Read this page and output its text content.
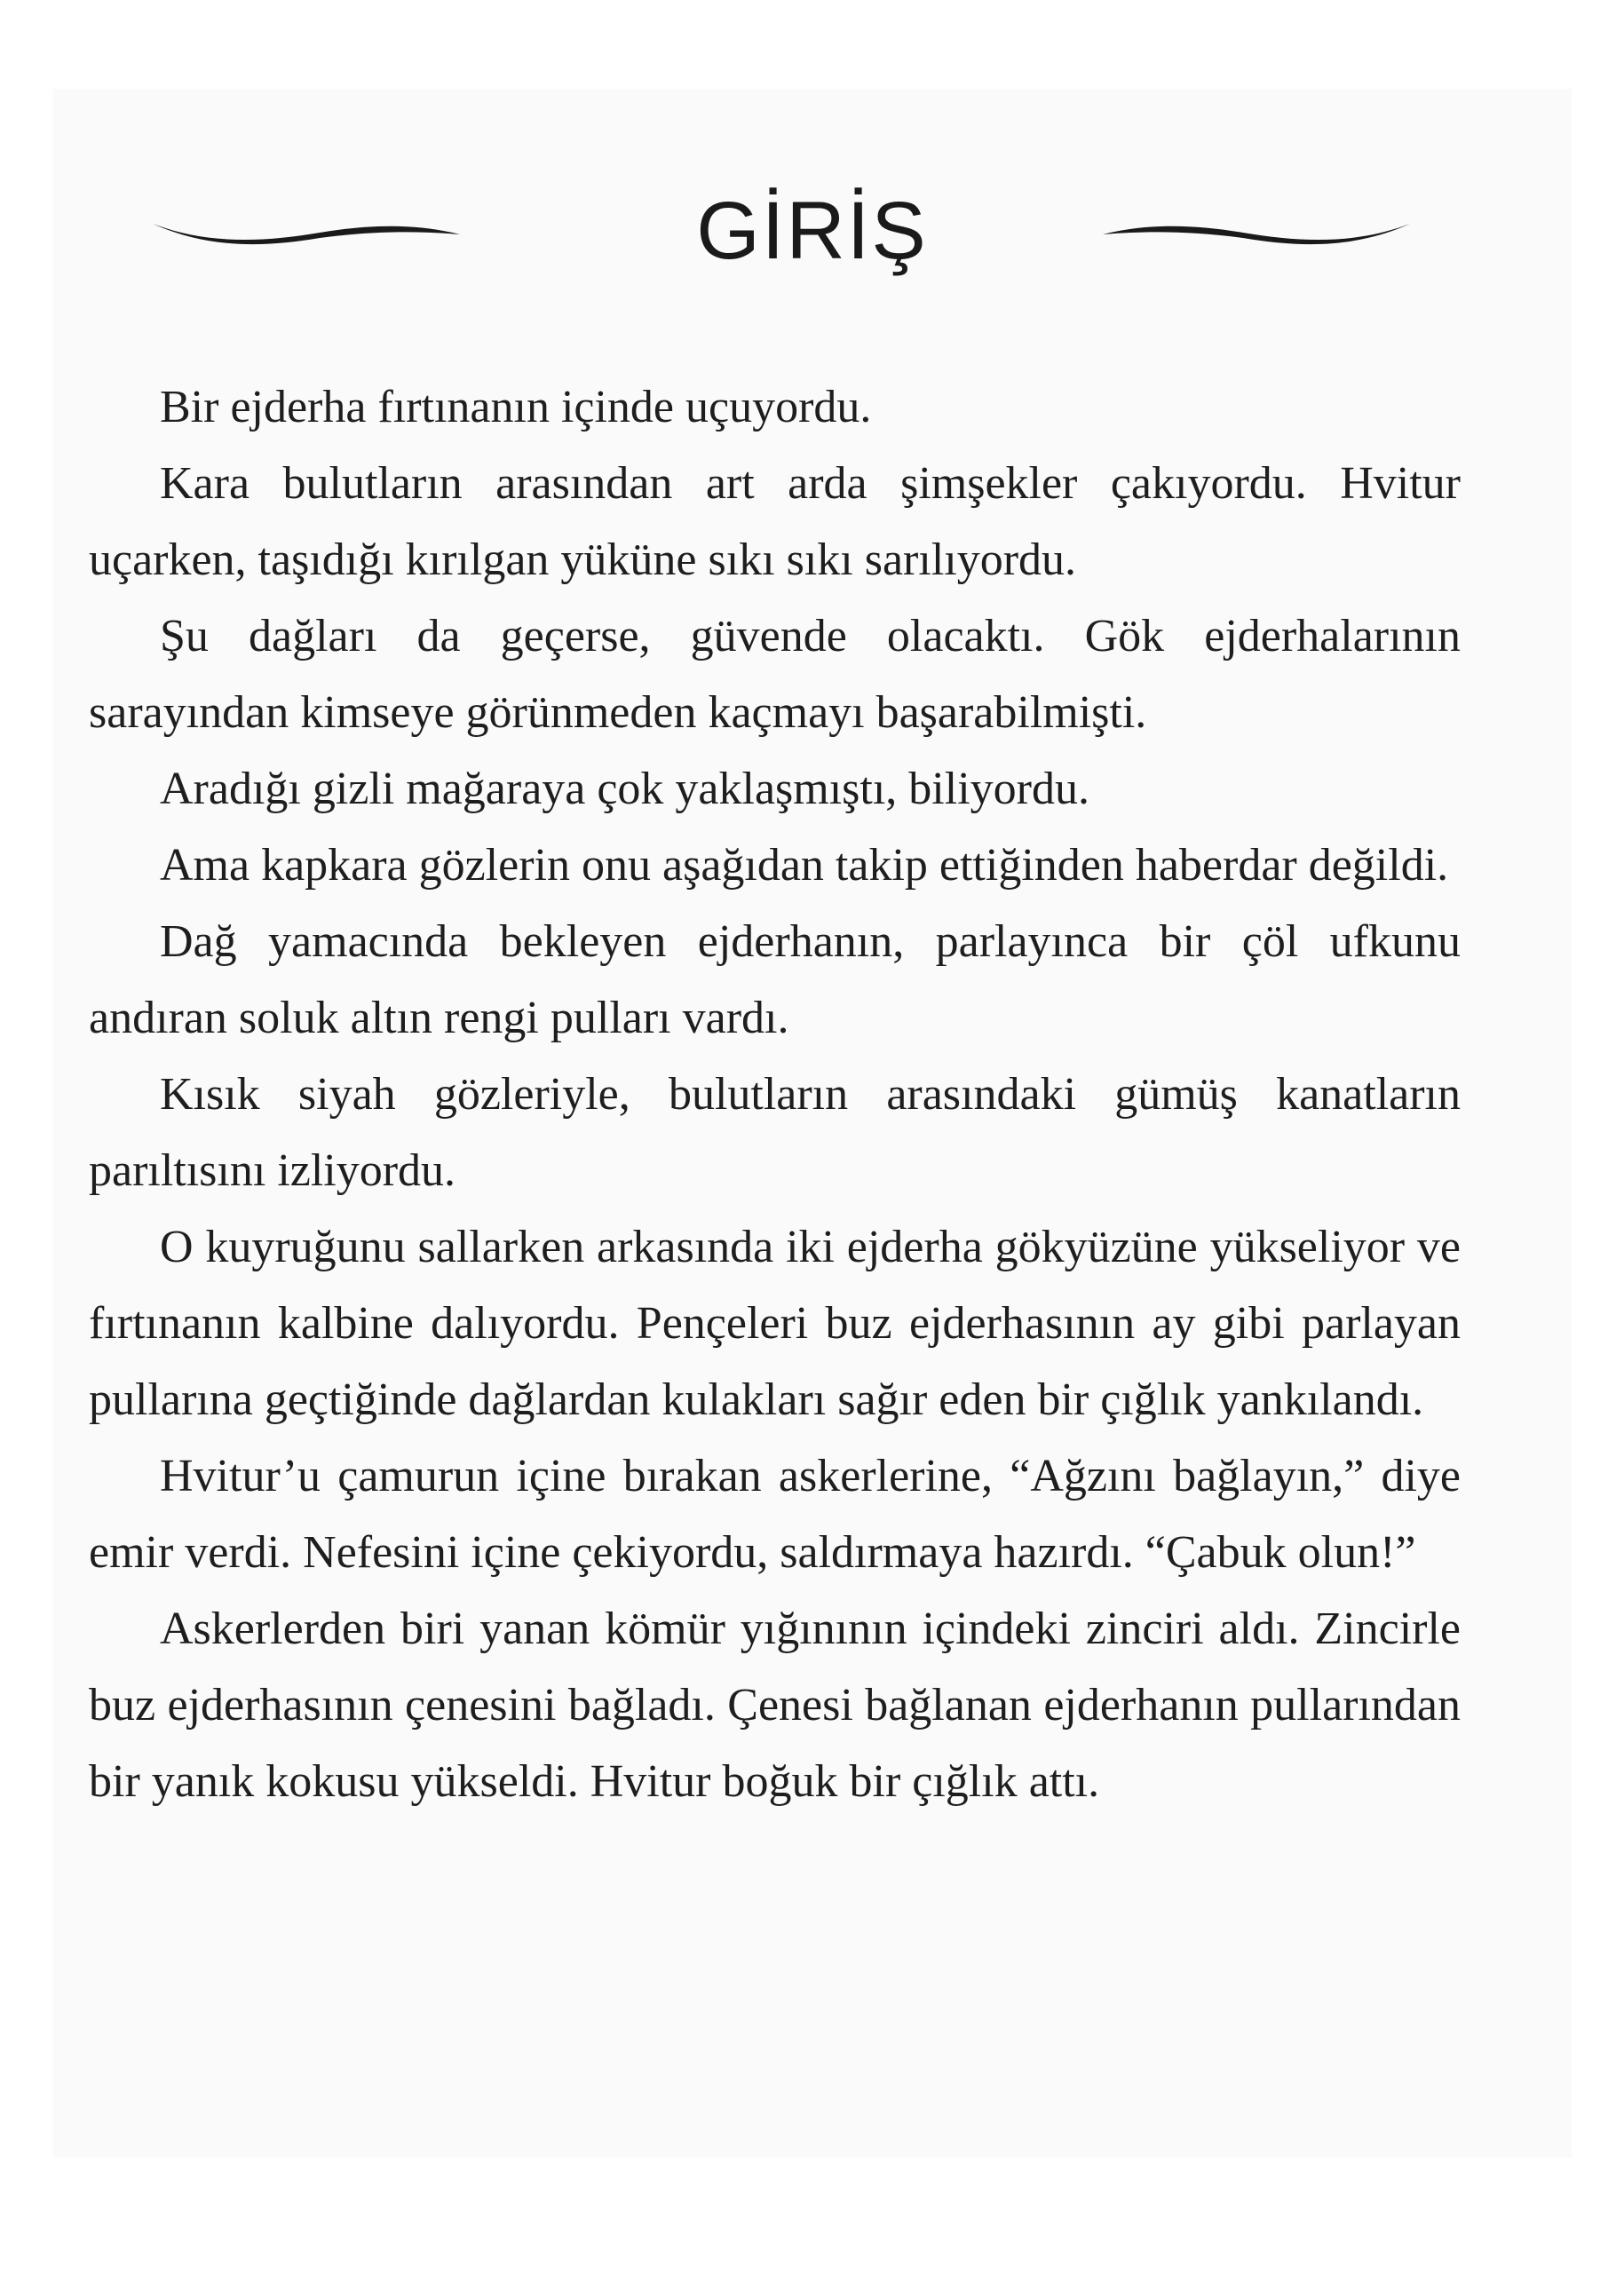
GİRİŞ

Bir ejderha fırtınanın içinde uçuyordu.

Kara bulutların arasından art arda şimşekler çakıyordu. Hvitur uçarken, taşıdığı kırılgan yüküne sıkı sıkı sarılıyordu.

Şu dağları da geçerse, güvende olacaktı. Gök ejderhalarının sarayından kimseye görünmeden kaçmayı başarabilmişti.

Aradığı gizli mağaraya çok yaklaşmıştı, biliyordu.

Ama kapkara gözlerin onu aşağıdan takip ettiğinden haberdar değildi.

Dağ yamacında bekleyen ejderhanın, parlayınca bir çöl ufkunu andıran soluk altın rengi pulları vardı.

Kısık siyah gözleriyle, bulutların arasındaki gümüş kanatların parıltısını izliyordu.

O kuyruğunu sallarken arkasında iki ejderha gökyüzüne yükseliyor ve fırtınanın kalbine dalıyordu. Pençeleri buz ejderhasının ay gibi parlayan pullarına geçtiğinde dağlardan kulakları sağır eden bir çığlık yankılandı.

Hvitur’u çamurun içine bırakan askerlerine, “Ağzını bağlayın,” diye emir verdi. Nefesini içine çekiyordu, saldırmaya hazırdı. “Çabuk olun!”

Askerlerden biri yanan kömür yığınının içindeki zinciri aldı. Zincirle buz ejderhasının çenesini bağladı. Çenesi bağlanan ejderhanın pullarından bir yanık kokusu yükseldi. Hvitur boğuk bir çığlık attı.
